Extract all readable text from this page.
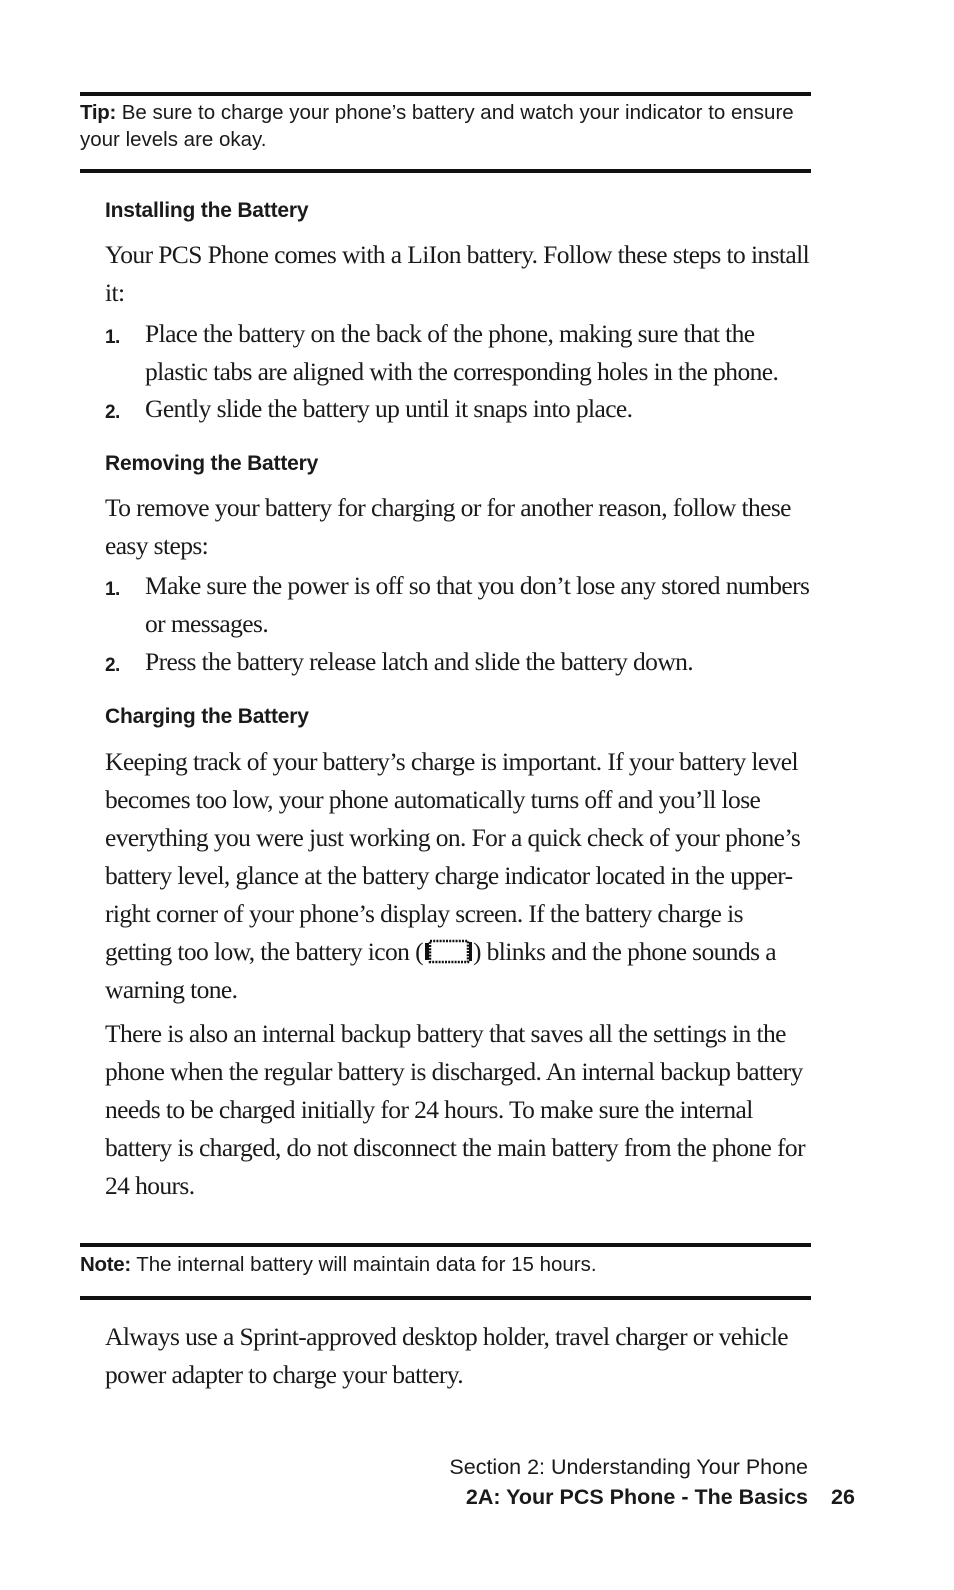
Tip: Be sure to charge your phone’s battery and watch your indicator to ensure your levels are okay.
Installing the Battery

Your PCS Phone comes with a LiIon battery. Follow these steps to install it:

1. Place the battery on the back of the phone, making sure that the plastic tabs are aligned with the corresponding holes in the phone.
2. Gently slide the battery up until it snaps into place.
Removing the Battery

To remove your battery for charging or for another reason, follow these easy steps:

1. Make sure the power is off so that you don’t lose any stored numbers or messages.
2. Press the battery release latch and slide the battery down.
Charging the Battery

Keeping track of your battery’s charge is important. If your battery level becomes too low, your phone automatically turns off and you’ll lose everything you were just working on. For a quick check of your phone’s battery level, glance at the battery charge indicator located in the upper-right corner of your phone’s display screen. If the battery charge is getting too low, the battery icon ( ) blinks and the phone sounds a warning tone.

There is also an internal backup battery that saves all the settings in the phone when the regular battery is discharged. An internal backup battery needs to be charged initially for 24 hours. To make sure the internal battery is charged, do not disconnect the main battery from the phone for 24 hours.

Note: The internal battery will maintain data for 15 hours.

Always use a Sprint-approved desktop holder, travel charger or vehicle power adapter to charge your battery.

Section 2: Understanding Your Phone
2A: Your PCS Phone - The Basics 26
